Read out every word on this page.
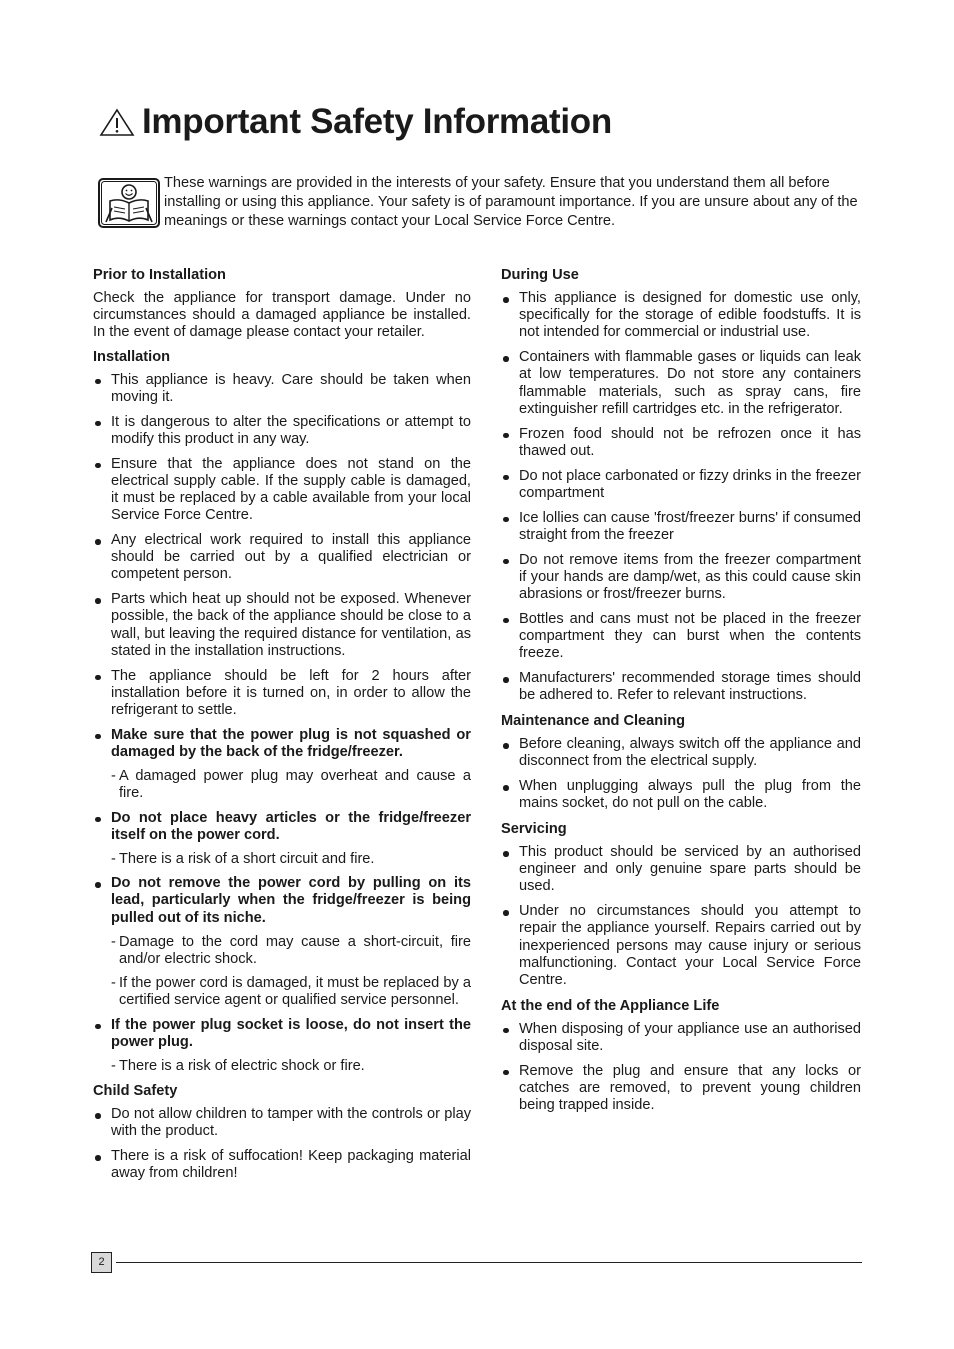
Important Safety Information

These warnings are provided in the interests of your safety. Ensure that you understand them all before installing or using this appliance. Your safety is of paramount importance. If you are unsure about any of the meanings or these warnings contact your Local Service Force Centre.

Prior to Installation

Check the appliance for transport damage. Under no circumstances should a damaged appliance be installed. In the event of damage please contact your retailer.

Installation
This appliance is heavy. Care should be taken when moving it.
It is dangerous to alter the specifications or attempt to modify this product in any way.
Ensure that the appliance does not stand on the electrical supply cable. If the supply cable is damaged, it must be replaced by a cable available from your local Service Force Centre.
Any electrical work required to install this appliance should be carried out by a qualified electrician or competent person.
Parts which heat up should not be exposed. Whenever possible, the back of the appliance should be close to a wall, but leaving the required distance for ventilation, as stated in the installation instructions.
The appliance should be left for 2 hours after installation before it is turned on, in order to allow the refrigerant to settle.
Make sure that the power plug is not squashed or damaged by the back of the fridge/freezer.
- A damaged power plug may overheat and cause a fire.
Do not place heavy articles or the fridge/freezer itself on the power cord.
- There is a risk of a short circuit and fire.
Do not remove the power cord by pulling on its lead, particularly when the fridge/freezer is being pulled out of its niche.
- Damage to the cord may cause a short-circuit, fire and/or electric shock.
- If the power cord is damaged, it must be replaced by a certified service agent or qualified service personnel.
If the power plug socket is loose, do not insert the power plug.
- There is a risk of electric shock or fire.
Child Safety
Do not allow children to tamper with the controls or play with the product.
There is a risk of suffocation! Keep packaging material away from children!
During Use
This appliance is designed for domestic use only, specifically for the storage of edible foodstuffs. It is not intended for commercial or industrial use.
Containers with flammable gases or liquids can leak at low temperatures. Do not store any containers flammable materials, such as spray cans, fire extinguisher refill cartridges etc. in the refrigerator.
Frozen food should not be refrozen once it has thawed out.
Do not place carbonated or fizzy drinks in the freezer compartment
Ice lollies can cause 'frost/freezer burns' if consumed straight from the freezer
Do not remove items from the freezer compartment if your hands are damp/wet, as this could cause skin abrasions or frost/freezer burns.
Bottles and cans must not be placed in the freezer compartment they can burst when the contents freeze.
Manufacturers' recommended storage times should be adhered to. Refer to relevant instructions.
Maintenance and Cleaning
Before cleaning, always switch off the appliance and disconnect from the electrical supply.
When unplugging always pull the plug from the mains socket, do not pull on the cable.
Servicing
This product should be serviced by an authorised engineer and only genuine spare parts should be used.
Under no circumstances should you attempt to repair the appliance yourself. Repairs carried out by inexperienced persons may cause injury or serious malfunctioning. Contact your Local Service Force Centre.
At the end of the Appliance Life
When disposing of your appliance use an authorised disposal site.
Remove the plug and ensure that any locks or catches are removed, to prevent young children being trapped inside.
2
